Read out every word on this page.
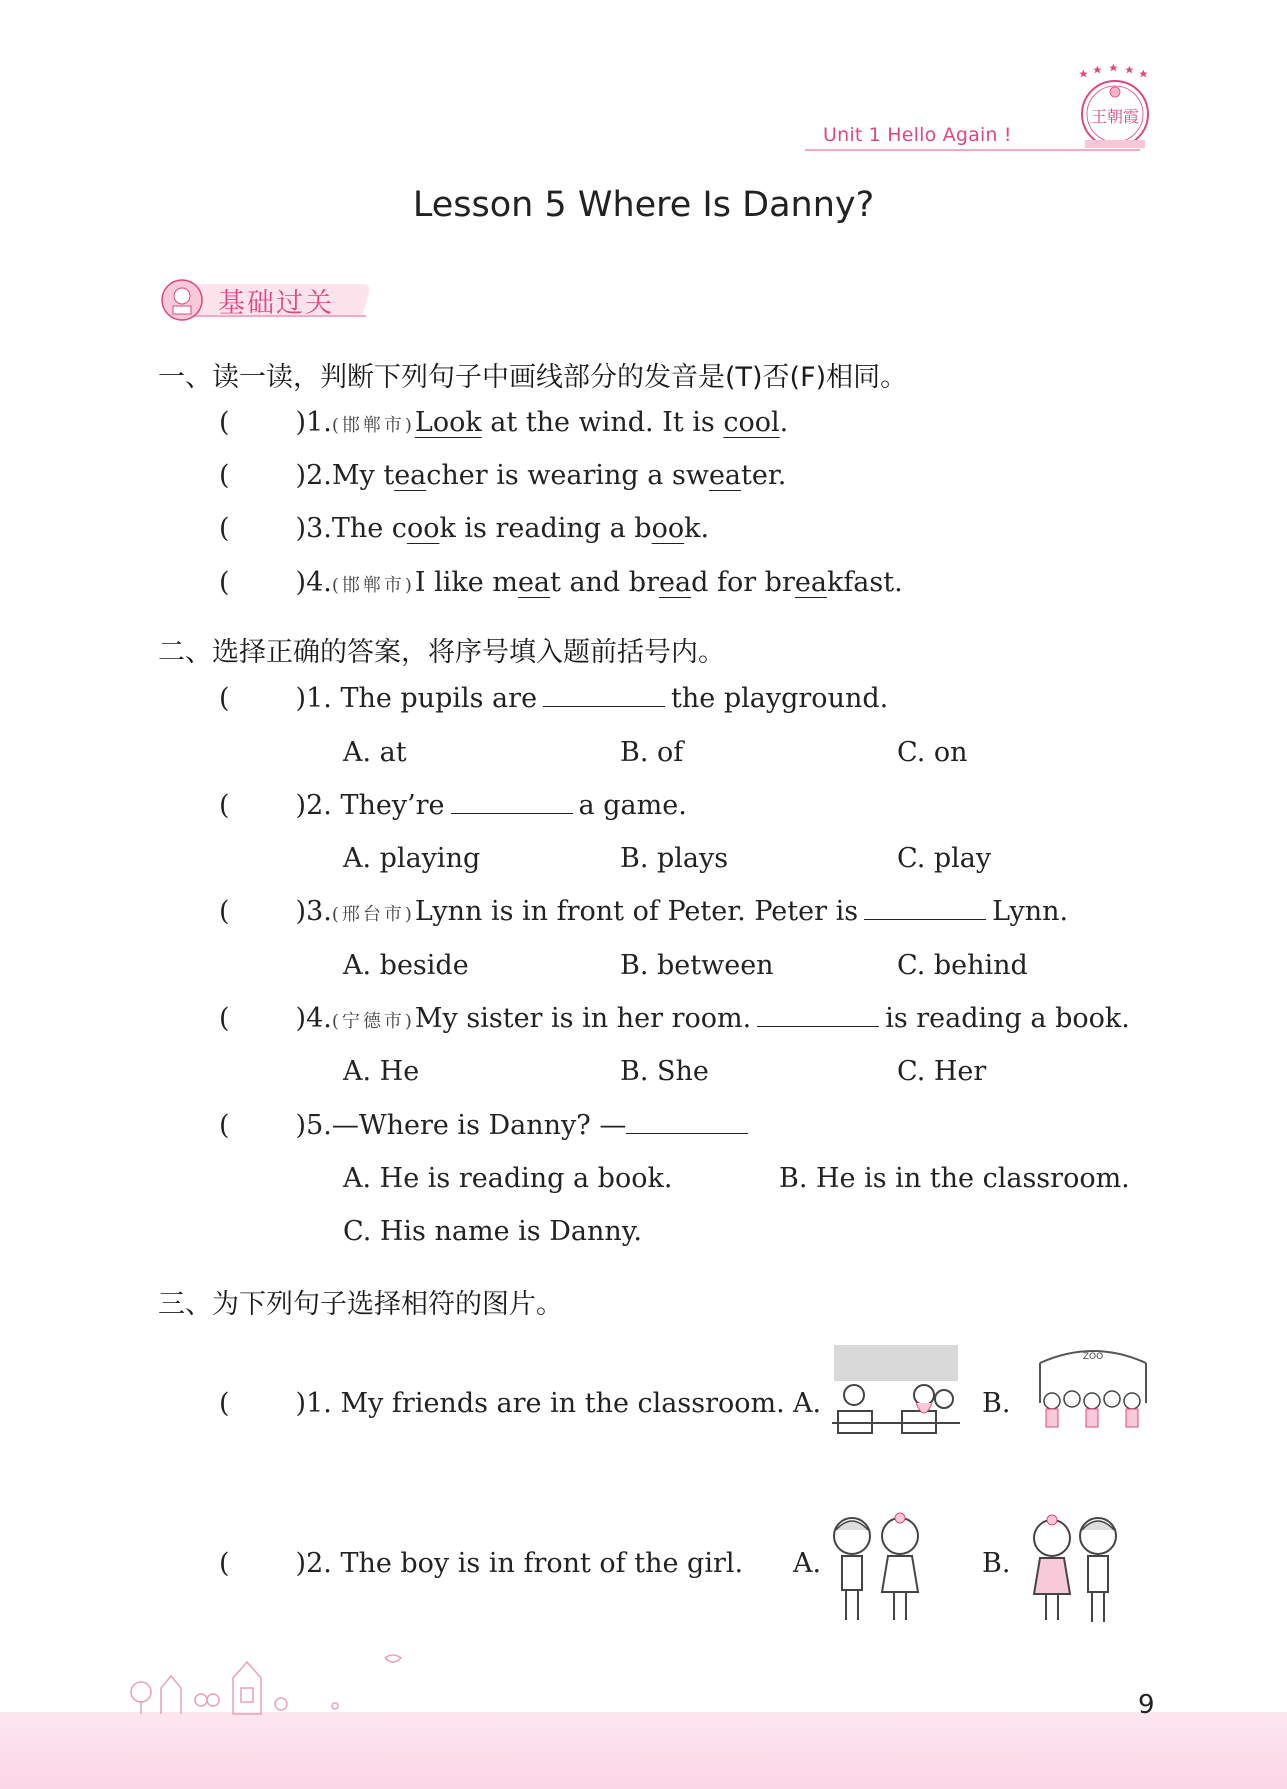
Unit 1 Hello Again !
王朝霞
Lesson 5 Where Is Danny?
基础过关
一、读一读，判断下列句子中画线部分的发音是(T)否(F)相同。
( )1.(邯郸市)Look at the wind. It is cool.
( )2.My teacher is wearing a sweater.
( )3.The cook is reading a book.
( )4.(邯郸市)I like meat and bread for breakfast.
二、选择正确的答案，将序号填入题前括号内。
( )1. The pupils are	the playground.
A. at	B. of	C. on
( )2. They’re	a game.
A. playing	B. plays	C. play
( )3.(邢台市)Lynn is in front of Peter. Peter is	Lynn.
A. beside	B. between	C. behind
( )4.(宁德市)My sister is in her room.	is reading a book.
A. He	B. She	C. Her
( )5.—Where is Danny? —
A. He is reading a book.	B. He is in the classroom.
C. His name is Danny.
三、为下列句子选择相符的图片。
( )1. My friends are in the classroom. A.	B.
ZOO
( )2. The boy is in front of the girl. A.	B.
9
